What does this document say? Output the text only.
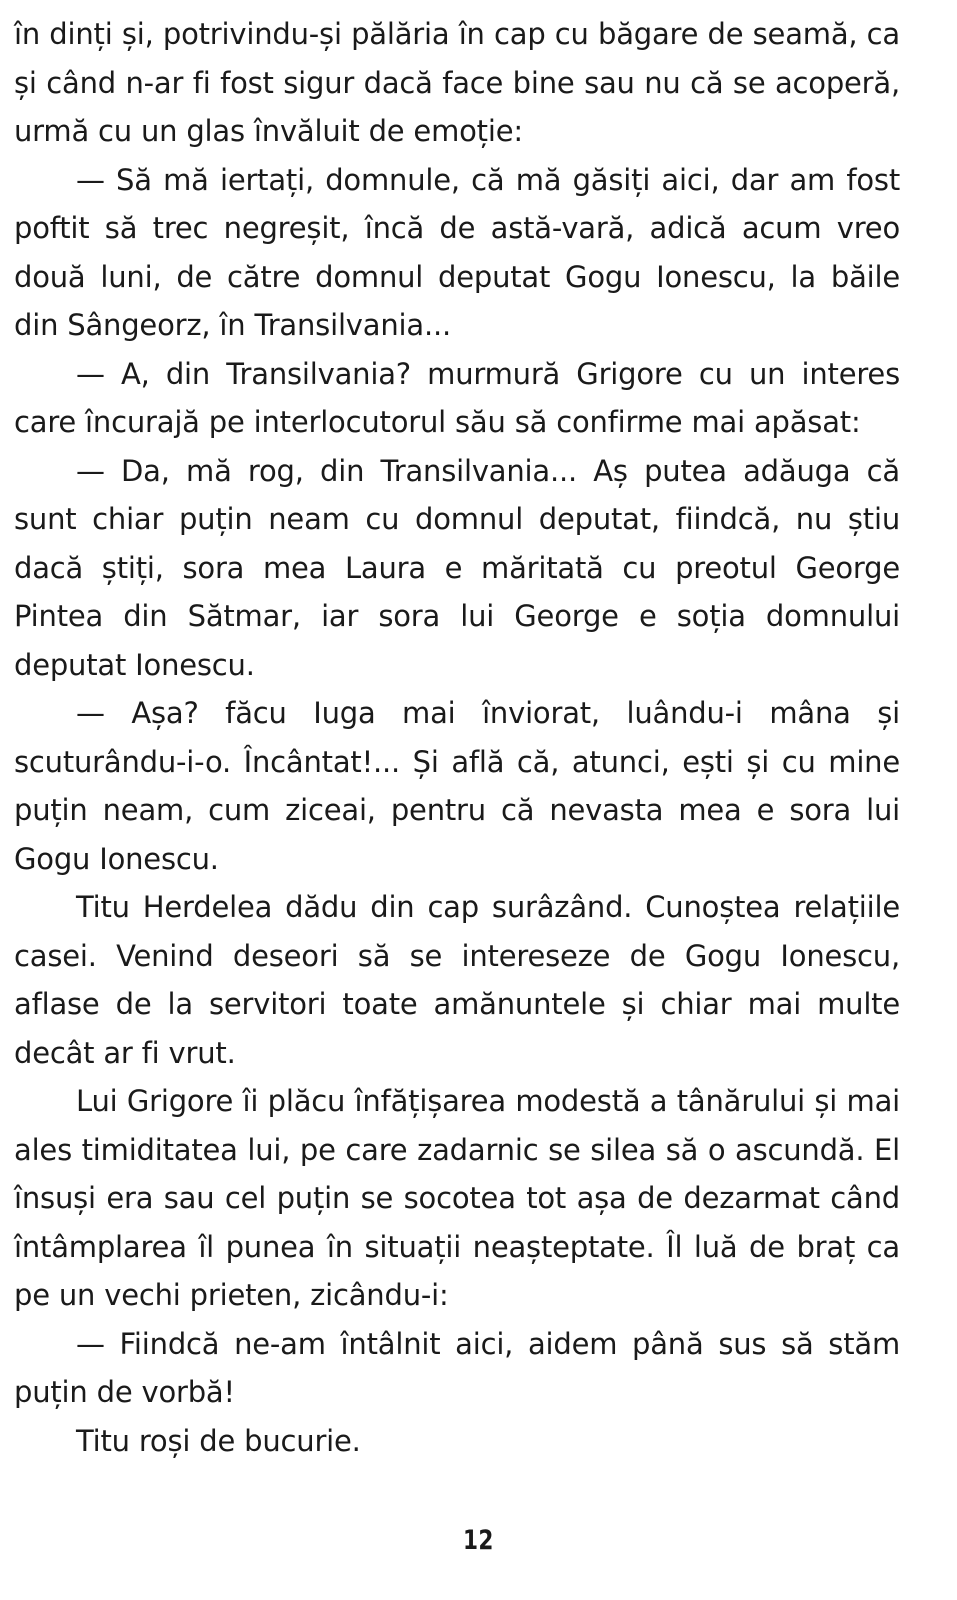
în dinți și, potrivindu-și pălăria în cap cu băgare de seamă, ca și când n-ar fi fost sigur dacă face bine sau nu că se acoperă, urmă cu un glas învăluit de emoție:

— Să mă iertați, domnule, că mă găsiți aici, dar am fost poftit să trec negreșit, încă de astă-vară, adică acum vreo două luni, de către domnul deputat Gogu Ionescu, la băile din Sângeorz, în Transilvania...

— A, din Transilvania? murmură Grigore cu un interes care încurajă pe interlocutorul său să confirme mai apăsat:

— Da, mă rog, din Transilvania... Aș putea adăuga că sunt chiar puțin neam cu domnul deputat, fiindcă, nu știu dacă știți, sora mea Laura e măritată cu preotul George Pintea din Sătmar, iar sora lui George e soția domnului deputat Ionescu.

— Așa? făcu Iuga mai înviorat, luându-i mâna și scuturându-i-o. Încântat!... Și află că, atunci, ești și cu mine puțin neam, cum ziceai, pentru că nevasta mea e sora lui Gogu Ionescu.

Titu Herdelea dădu din cap surâzând. Cunoștea relațiile casei. Venind deseori să se intereseze de Gogu Ionescu, aflase de la servitori toate amănuntele și chiar mai multe decât ar fi vrut.

Lui Grigore îi plăcu înfățișarea modestă a tânărului și mai ales timiditatea lui, pe care zadarnic se silea să o ascundă. El însuși era sau cel puțin se socotea tot așa de dezarmat când întâmplarea îl punea în situații neașteptate. Îl luă de braț ca pe un vechi prieten, zicându-i:

— Fiindcă ne-am întâlnit aici, aidem până sus să stăm puțin de vorbă!

Titu roși de bucurie.

12
